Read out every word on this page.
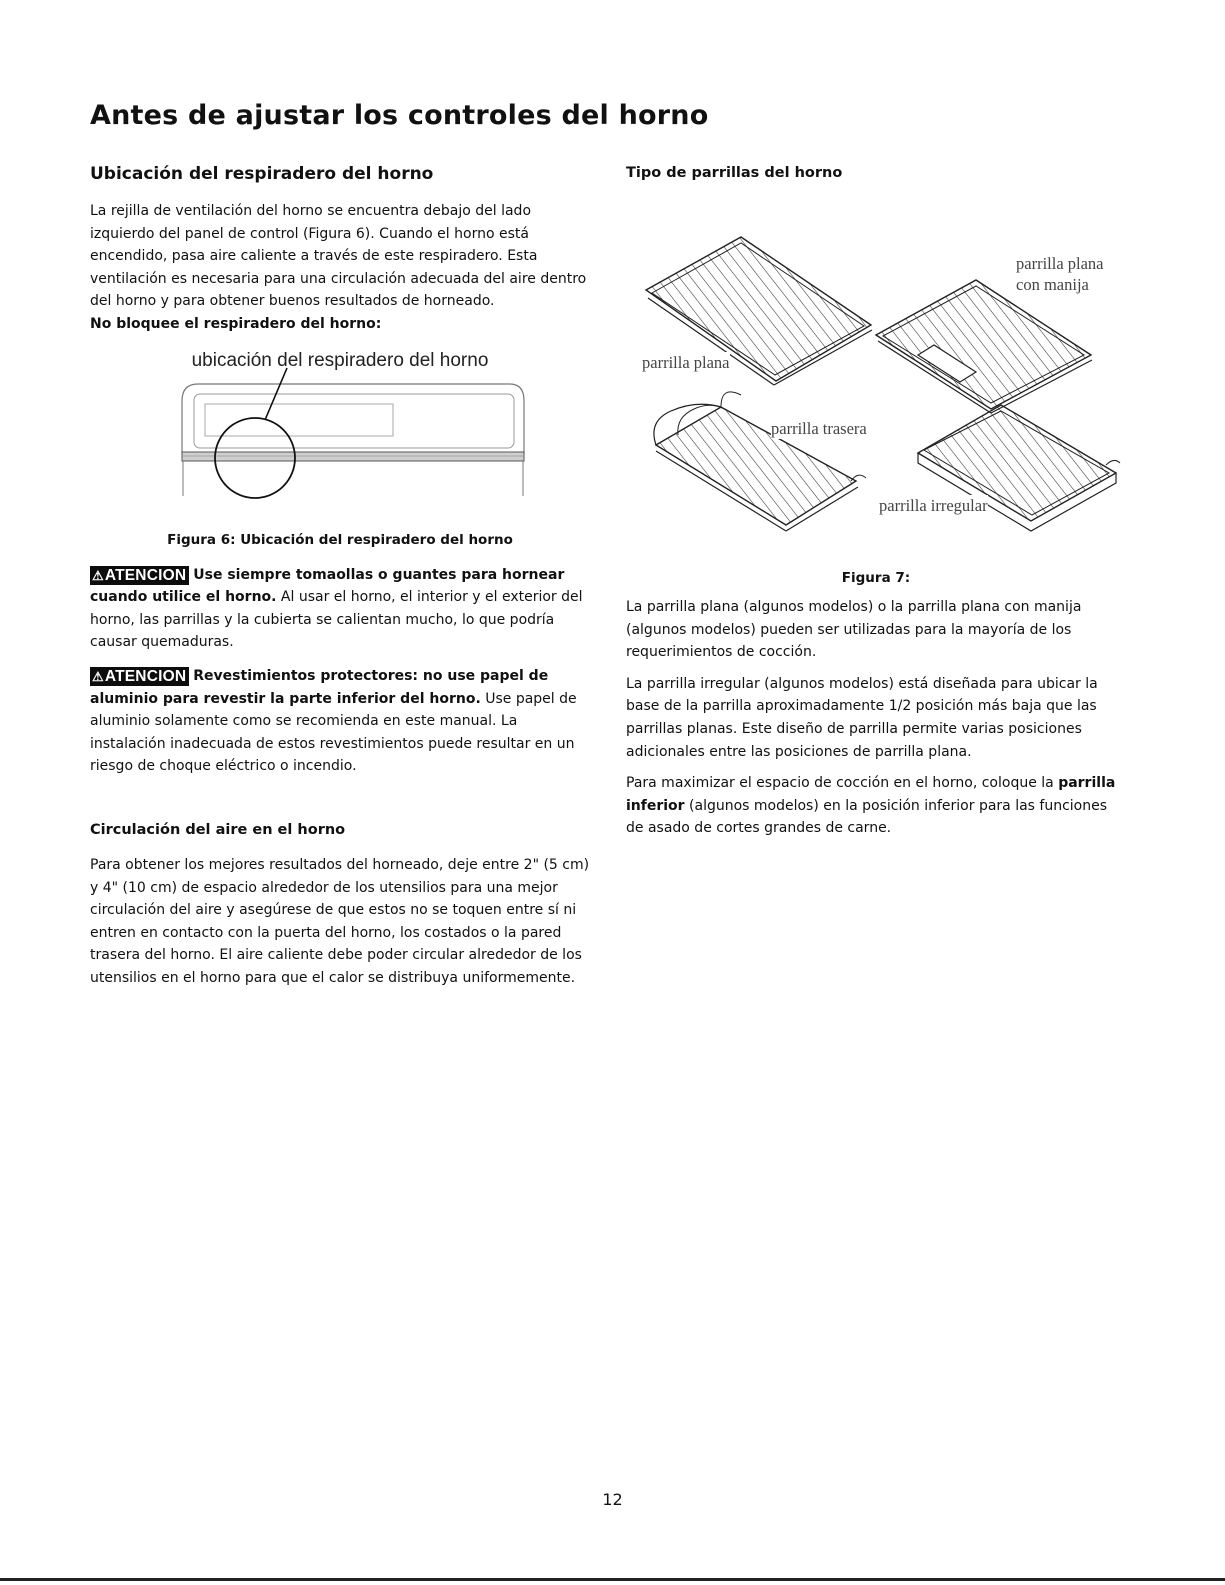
Antes de ajustar los controles del horno
Ubicación del respiradero del horno

La rejilla de ventilación del horno se encuentra debajo del lado izquierdo del panel de control (Figura 6). Cuando el horno está encendido, pasa aire caliente a través de este respiradero. Esta ventilación es necesaria para una circulación adecuada del aire dentro del horno y para obtener buenos resultados de horneado.
No bloquee el respiradero del horno:

ubicación del respiradero del horno
Figura 6: Ubicación del respiradero del horno

⚠ATENCION Use siempre tomaollas o guantes para hornear cuando utilice el horno. Al usar el horno, el interior y el exterior del horno, las parrillas y la cubierta se calientan mucho, lo que podría causar quemaduras.

⚠ATENCION Revestimientos protectores: no use papel de aluminio para revestir la parte inferior del horno. Use papel de aluminio solamente como se recomienda en este manual. La instalación inadecuada de estos revestimientos puede resultar en un riesgo de choque eléctrico o incendio.

Circulación del aire en el horno

Para obtener los mejores resultados del horneado, deje entre 2" (5 cm) y 4" (10 cm) de espacio alrededor de los utensilios para una mejor circulación del aire y asegúrese de que estos no se toquen entre sí ni entren en contacto con la puerta del horno, los costados o la pared trasera del horno. El aire caliente debe poder circular alrededor de los utensilios en el horno para que el calor se distribuya uniformemente.

Tipo de parrillas del horno
parrilla plana con manija
parrilla plana
parrilla trasera
parrilla irregular
Figura 7:

La parrilla plana (algunos modelos) o la parrilla plana con manija (algunos modelos) pueden ser utilizadas para la mayoría de los requerimientos de cocción.

La parrilla irregular (algunos modelos) está diseñada para ubicar la base de la parrilla aproximadamente 1/2 posición más baja que las parrillas planas. Este diseño de parrilla permite varias posiciones adicionales entre las posiciones de parrilla plana.

Para maximizar el espacio de cocción en el horno, coloque la parrilla inferior (algunos modelos) en la posición inferior para las funciones de asado de cortes grandes de carne.

12
